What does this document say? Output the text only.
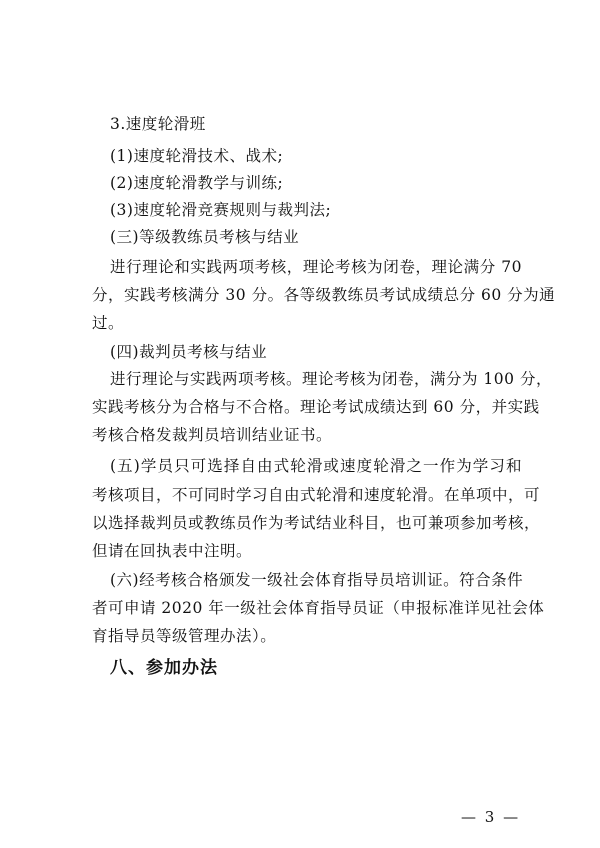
3.速度轮滑班
(1)速度轮滑技术、战术;
(2)速度轮滑教学与训练;
(3)速度轮滑竞赛规则与裁判法;
(三)等级教练员考核与结业
进行理论和实践两项考核，理论考核为闭卷，理论满分 70
分，实践考核满分 30 分。各等级教练员考试成绩总分 60 分为通
过。
(四)裁判员考核与结业
进行理论与实践两项考核。理论考核为闭卷，满分为 100 分，
实践考核分为合格与不合格。理论考试成绩达到 60 分，并实践
考核合格发裁判员培训结业证书。
(五)学员只可选择自由式轮滑或速度轮滑之一作为学习和
考核项目，不可同时学习自由式轮滑和速度轮滑。在单项中，可
以选择裁判员或教练员作为考试结业科目，也可兼项参加考核，
但请在回执表中注明。
(六)经考核合格颁发一级社会体育指导员培训证。符合条件
者可申请 2020 年一级社会体育指导员证（申报标准详见社会体
育指导员等级管理办法）。
八、参加办法
— 3 —
